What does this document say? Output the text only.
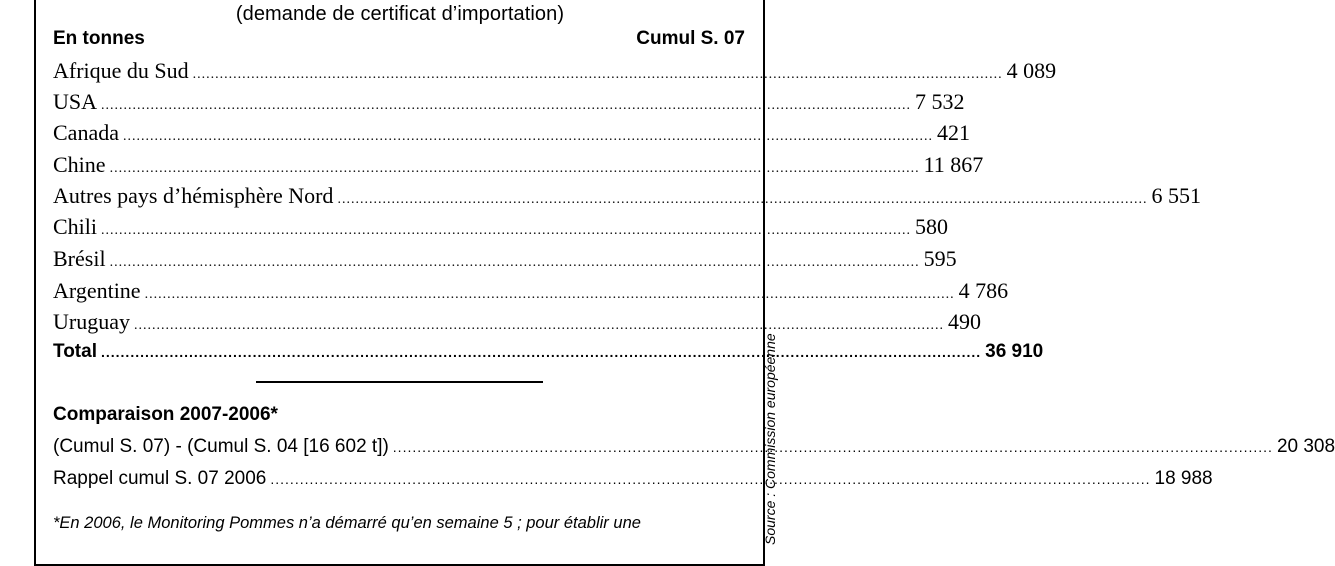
(demande de certificat d’importation)
En tonnes	Cumul S. 07
Afrique du Sud .................................................................................................................................................................................... 4 089
USA .................................................................................................................................................................................... 7 532
Canada .................................................................................................................................................................................... 421
Chine .................................................................................................................................................................................... 11 867
Autres pays d’hémisphère Nord .................................................................................................................................................................................... 6 551
Chili .................................................................................................................................................................................... 580
Brésil .................................................................................................................................................................................... 595
Argentine .................................................................................................................................................................................... 4 786
Uruguay .................................................................................................................................................................................... 490
Total .................................................................................................................................................................................... 36 910
Comparaison 2007-2006*
(Cumul S. 07) - (Cumul S. 04 [16 602 t]) .................................................................................................................................................................................... 20 308
Rappel cumul S. 07 2006 .................................................................................................................................................................................... 18 988
*En 2006, le Monitoring Pommes n’a démarré qu’en semaine 5 ; pour établir une	Source : Commission européenne
